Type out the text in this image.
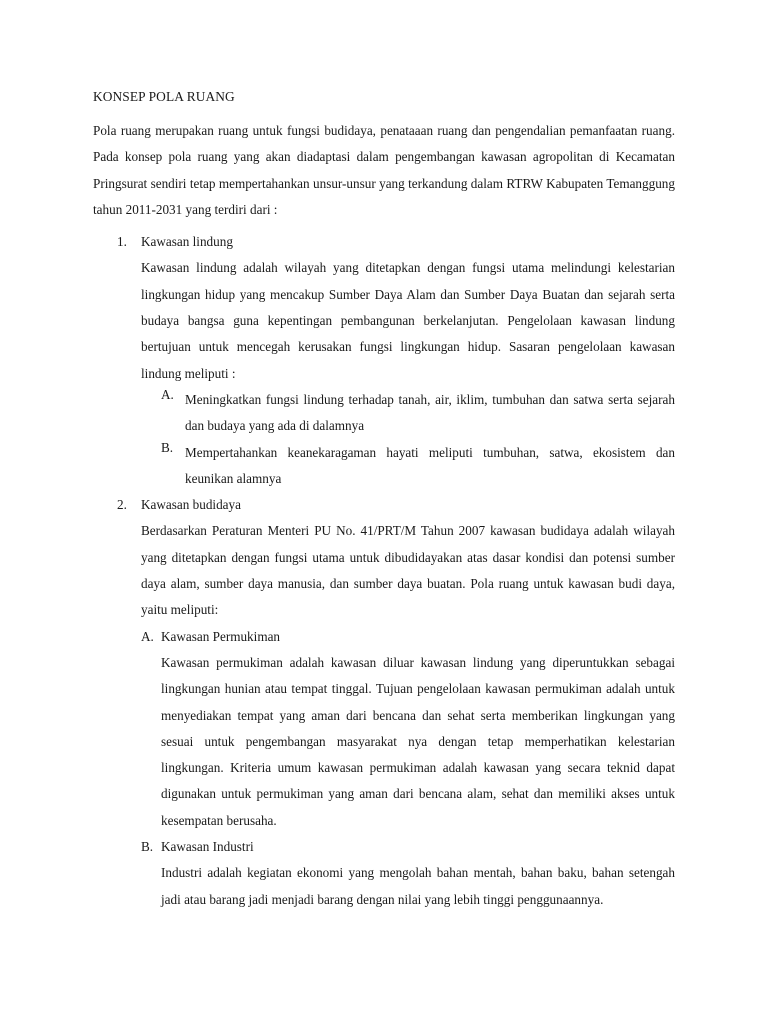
KONSEP POLA RUANG

Pola ruang merupakan ruang untuk fungsi budidaya, penataaan ruang dan pengendalian pemanfaatan ruang. Pada konsep pola ruang yang akan diadaptasi dalam pengembangan kawasan agropolitan di Kecamatan Pringsurat sendiri tetap mempertahankan unsur-unsur yang terkandung dalam RTRW Kabupaten Temanggung tahun 2011-2031 yang terdiri dari :

1. Kawasan lindung

Kawasan lindung adalah wilayah yang ditetapkan dengan fungsi utama melindungi kelestarian lingkungan hidup yang mencakup Sumber Daya Alam dan Sumber Daya Buatan dan sejarah serta budaya bangsa guna kepentingan pembangunan berkelanjutan. Pengelolaan kawasan lindung bertujuan untuk mencegah kerusakan fungsi lingkungan hidup. Sasaran pengelolaan kawasan lindung meliputi :

A. Meningkatkan fungsi lindung terhadap tanah, air, iklim, tumbuhan dan satwa serta sejarah dan budaya yang ada di dalamnya

B. Mempertahankan keanekaragaman hayati meliputi tumbuhan, satwa, ekosistem dan keunikan alamnya

2. Kawasan budidaya

Berdasarkan Peraturan Menteri PU No. 41/PRT/M Tahun 2007 kawasan budidaya adalah wilayah yang ditetapkan dengan fungsi utama untuk dibudidayakan atas dasar kondisi dan potensi sumber daya alam, sumber daya manusia, dan sumber daya buatan. Pola ruang untuk kawasan budi daya, yaitu meliputi:

A. Kawasan Permukiman

Kawasan permukiman adalah kawasan diluar kawasan lindung yang diperuntukkan sebagai lingkungan hunian atau tempat tinggal. Tujuan pengelolaan kawasan permukiman adalah untuk menyediakan tempat yang aman dari bencana dan sehat serta memberikan lingkungan yang sesuai untuk pengembangan masyarakat nya dengan tetap memperhatikan kelestarian lingkungan. Kriteria umum kawasan permukiman adalah kawasan yang secara teknid dapat digunakan untuk permukiman yang aman dari bencana alam, sehat dan memiliki akses untuk kesempatan berusaha.

B. Kawasan Industri

Industri adalah kegiatan ekonomi yang mengolah bahan mentah, bahan baku, bahan setengah jadi atau barang jadi menjadi barang dengan nilai yang lebih tinggi penggunaannya.
